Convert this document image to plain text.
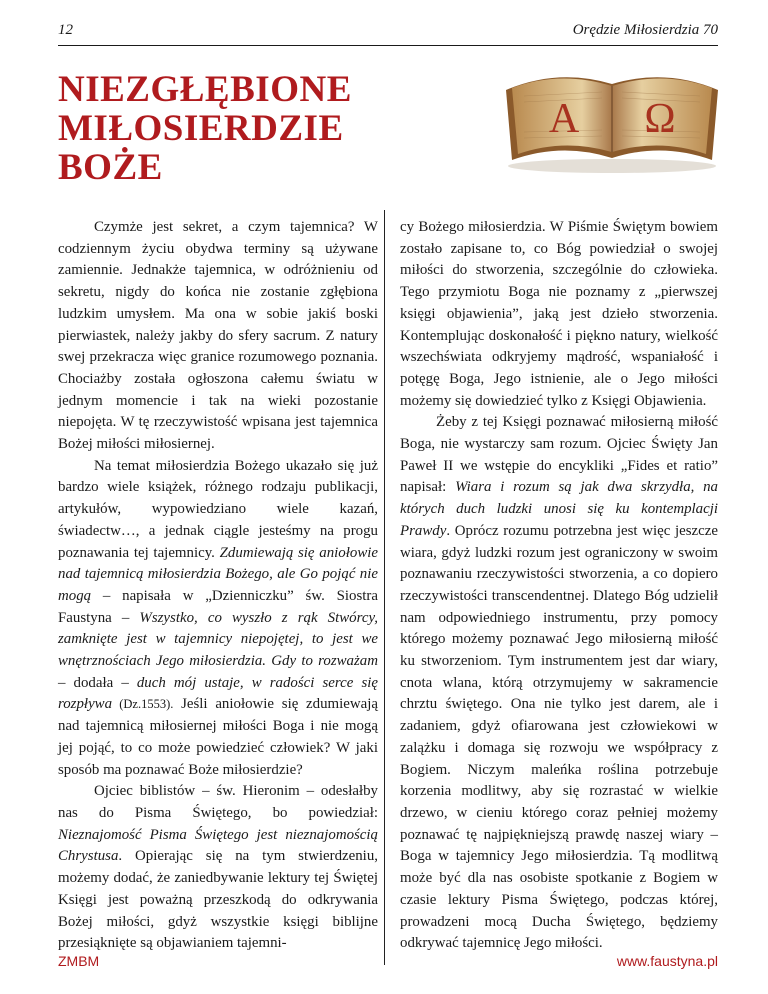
12	Orędzie Miłosierdzia 70
NIEZGŁĘBIONE
MIŁOSIERDZIE
BOŻE
A Ω

Czymże jest sekret, a czym tajemnica? W codziennym życiu obydwa terminy są używane zamiennie. Jednakże tajemnica, w odróżnieniu od sekretu, nigdy do końca nie zostanie zgłębiona ludzkim umysłem. Ma ona w sobie jakiś boski pierwiastek, należy jakby do sfery sacrum. Z natury swej przekracza więc granice rozumowego poznania. Chociażby została ogłoszona całemu światu w jednym momencie i tak na wieki pozostanie niepojęta. W tę rzeczywistość wpisana jest tajemnica Bożej miłości miłosiernej.

Na temat miłosierdzia Bożego ukazało się już bardzo wiele książek, różnego rodzaju publikacji, artykułów, wypowiedziano wiele kazań, świadectw…, a jednak ciągle jesteśmy na progu poznawania tej tajemnicy. Zdumiewają się aniołowie nad tajemnicą miłosierdzia Bożego, ale Go pojąć nie mogą – napisała w „Dzienniczku” św. Siostra Faustyna – Wszystko, co wyszło z rąk Stwórcy, zamknięte jest w tajemnicy niepojętej, to jest we wnętrznościach Jego miłosierdzia. Gdy to rozważam – dodała – duch mój ustaje, w radości serce się rozpływa (Dz.1553). Jeśli aniołowie się zdumiewają nad tajemnicą miłosiernej miłości Boga i nie mogą jej pojąć, to co może powiedzieć człowiek? W jaki sposób ma poznawać Boże miłosierdzie?

Ojciec biblistów – św. Hieronim – odesłałby nas do Pisma Świętego, bo powiedział: Nieznajomość Pisma Świętego jest nieznajomością Chrystusa. Opierając się na tym stwierdzeniu, możemy dodać, że zaniedbywanie lektury tej Świętej Księgi jest poważną przeszkodą do odkrywania Bożej miłości, gdyż wszystkie księgi biblijne przesiąknięte są objawianiem tajemni-

cy Bożego miłosierdzia. W Piśmie Świętym bowiem zostało zapisane to, co Bóg powiedział o swojej miłości do stworzenia, szczególnie do człowieka. Tego przymiotu Boga nie poznamy z „pierwszej księgi objawienia”, jaką jest dzieło stworzenia. Kontemplując doskonałość i piękno natury, wielkość wszechświata odkryjemy mądrość, wspaniałość i potęgę Boga, Jego istnienie, ale o Jego miłości możemy się dowiedzieć tylko z Księgi Objawienia.

Żeby z tej Księgi poznawać miłosierną miłość Boga, nie wystarczy sam rozum. Ojciec Święty Jan Paweł II we wstępie do encykliki „Fides et ratio” napisał: Wiara i rozum są jak dwa skrzydła, na których duch ludzki unosi się ku kontemplacji Prawdy. Oprócz rozumu potrzebna jest więc jeszcze wiara, gdyż ludzki rozum jest ograniczony w swoim poznawaniu rzeczywistości stworzenia, a co dopiero rzeczywistości transcendentnej. Dlatego Bóg udzielił nam odpowiedniego instrumentu, przy pomocy którego możemy poznawać Jego miłosierną miłość ku stworzeniom. Tym instrumentem jest dar wiary, cnota wlana, którą otrzymujemy w sakramencie chrztu świętego. Ona nie tylko jest darem, ale i zadaniem, gdyż ofiarowana jest człowiekowi w zalążku i domaga się rozwoju we współpracy z Bogiem. Niczym maleńka roślina potrzebuje korzenia modlitwy, aby się rozrastać w wielkie drzewo, w cieniu którego coraz pełniej możemy poznawać tę najpiękniejszą prawdę naszej wiary – Boga w tajemnicy Jego miłosierdzia. Tą modlitwą może być dla nas osobiste spotkanie z Bogiem w czasie lektury Pisma Świętego, podczas której, prowadzeni mocą Ducha Świętego, będziemy odkrywać tajemnicę Jego miłości.

ZMBM	www.faustyna.pl
